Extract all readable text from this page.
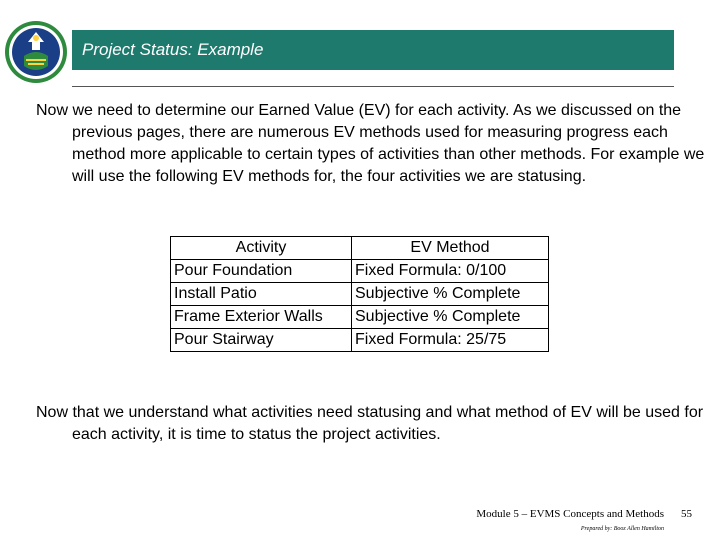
Project Status: Example

Now we need to determine our Earned Value (EV) for each activity. As we discussed on the previous pages, there are numerous EV methods used for measuring progress each method more applicable to certain types of activities than other methods. For example we will use the following EV methods for, the four activities we are statusing.

Activity	EV Method
Pour Foundation	Fixed Formula: 0/100
Install Patio	Subjective % Complete
Frame Exterior Walls	Subjective % Complete
Pour Stairway	Fixed Formula: 25/75

Now that we understand what activities need statusing and what method of EV will be used for each activity, it is time to status the project activities.

Module 5 – EVMS Concepts and Methods
Prepared by: Booz Allen Hamilton
55
